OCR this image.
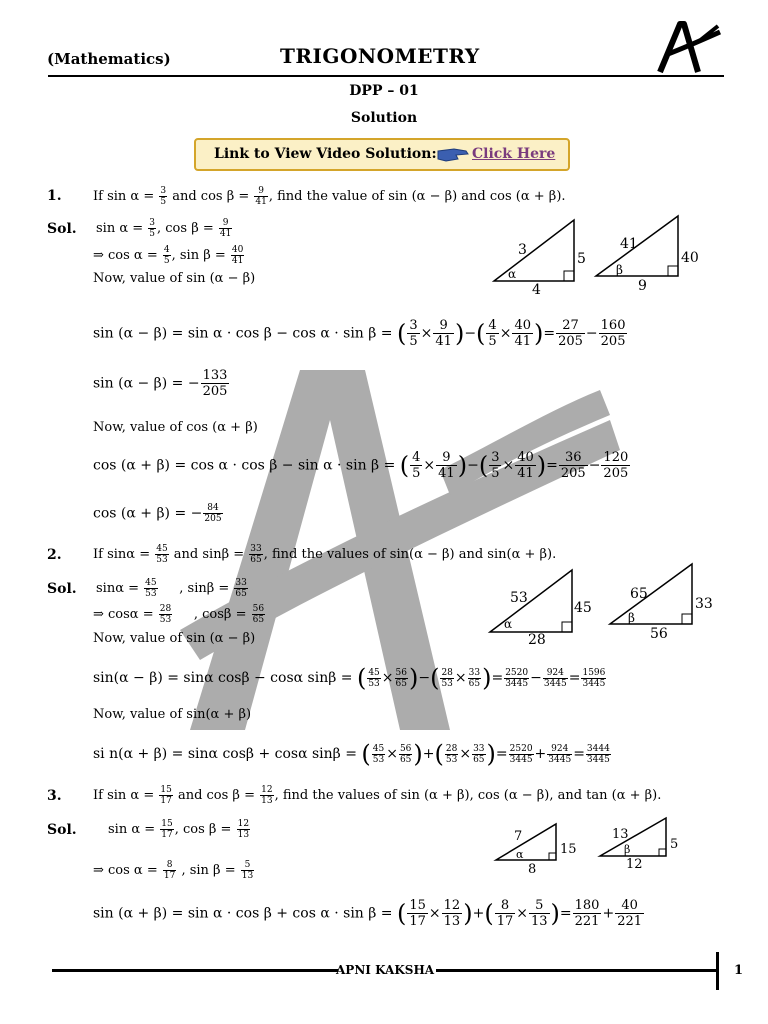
(Mathematics)	TRIGONOMETRY
DPP – 01
Solution
Link to View Video Solution:	Click Here
1. If $\sin \alpha = \frac{3}{5}$ and $\cos \beta = \frac{9}{41}$ , find the value of sin (α − β) and cos (α + β).
Sol. $\sin \alpha = \frac{3}{5}$ , $\cos \beta = \frac{9}{41}$
⇒ $\cos \alpha = \frac{4}{5}$ , $\sin \beta = \frac{40}{41}$
Now, value of sin (α − β)
3
5
4
α
41
40
9
β
sin (α − β) = sin α · cos β − cos α · sin β = ( $\frac{3}{5} \times \frac{9}{41}$ )−( $\frac{4}{5} \times \frac{40}{41}$ )= $\frac{27}{205} - \frac{160}{205}$
sin (α − β) = − $\frac{133}{205}$
Now, value of cos (α + β)
cos (α + β) = cos α · cos β − sin α · sin β = ( $\frac{4}{5} \times \frac{9}{41}$ )−( $\frac{3}{5} \times \frac{40}{41}$ )= $\frac{36}{205} - \frac{120}{205}$
cos (α + β) = − $\frac{84}{205}$
2. If $\sin\alpha = \frac{45}{53}$ and $\sin\beta = \frac{33}{65}$ , find the values of sin(α − β) and sin(α + β).
Sol. $\sin\alpha = \frac{45}{53}$ , $\sin\beta = \frac{33}{65}$
⇒ $\cos\alpha = \frac{28}{53}$ , $\cos\beta = \frac{56}{65}$
Now, value of sin (α − β)
53
45
28
α
65
33
56
β
sin(α − β) = sinα cosβ − cosα sinβ = ( $\frac{45}{53} \times \frac{56}{65}$ )−( $\frac{28}{53} \times \frac{33}{65}$ )= $\frac{2520}{3445} - \frac{924}{3445} = \frac{1596}{3445}$
Now, value of sin(α + β)
si n(α + β) = sinα cosβ + cosα sinβ = ( $\frac{45}{53} \times \frac{56}{65}$ )+( $\frac{28}{53} \times \frac{33}{65}$ )= $\frac{2520}{3445} + \frac{924}{3445} = \frac{3444}{3445}$
3. If $\sin \alpha = \frac{15}{17}$ and $\cos \beta = \frac{12}{13}$ , find the values of sin (α + β), cos (α − β), and tan (α + β).
Sol. $\sin \alpha = \frac{15}{17}$ , $\cos \beta = \frac{12}{13}$
⇒ $\cos \alpha = \frac{8}{17}$ , $\sin \beta = \frac{5}{13}$
7
15
8
α
13
5
12
β
sin (α + β) = sin α · cos β + cos α · sin β = ( $\frac{15}{17} \times \frac{12}{13}$ )+( $\frac{8}{17} \times \frac{5}{13}$ )= $\frac{180}{221} + \frac{40}{221}$
APNI KAKSHA	1
